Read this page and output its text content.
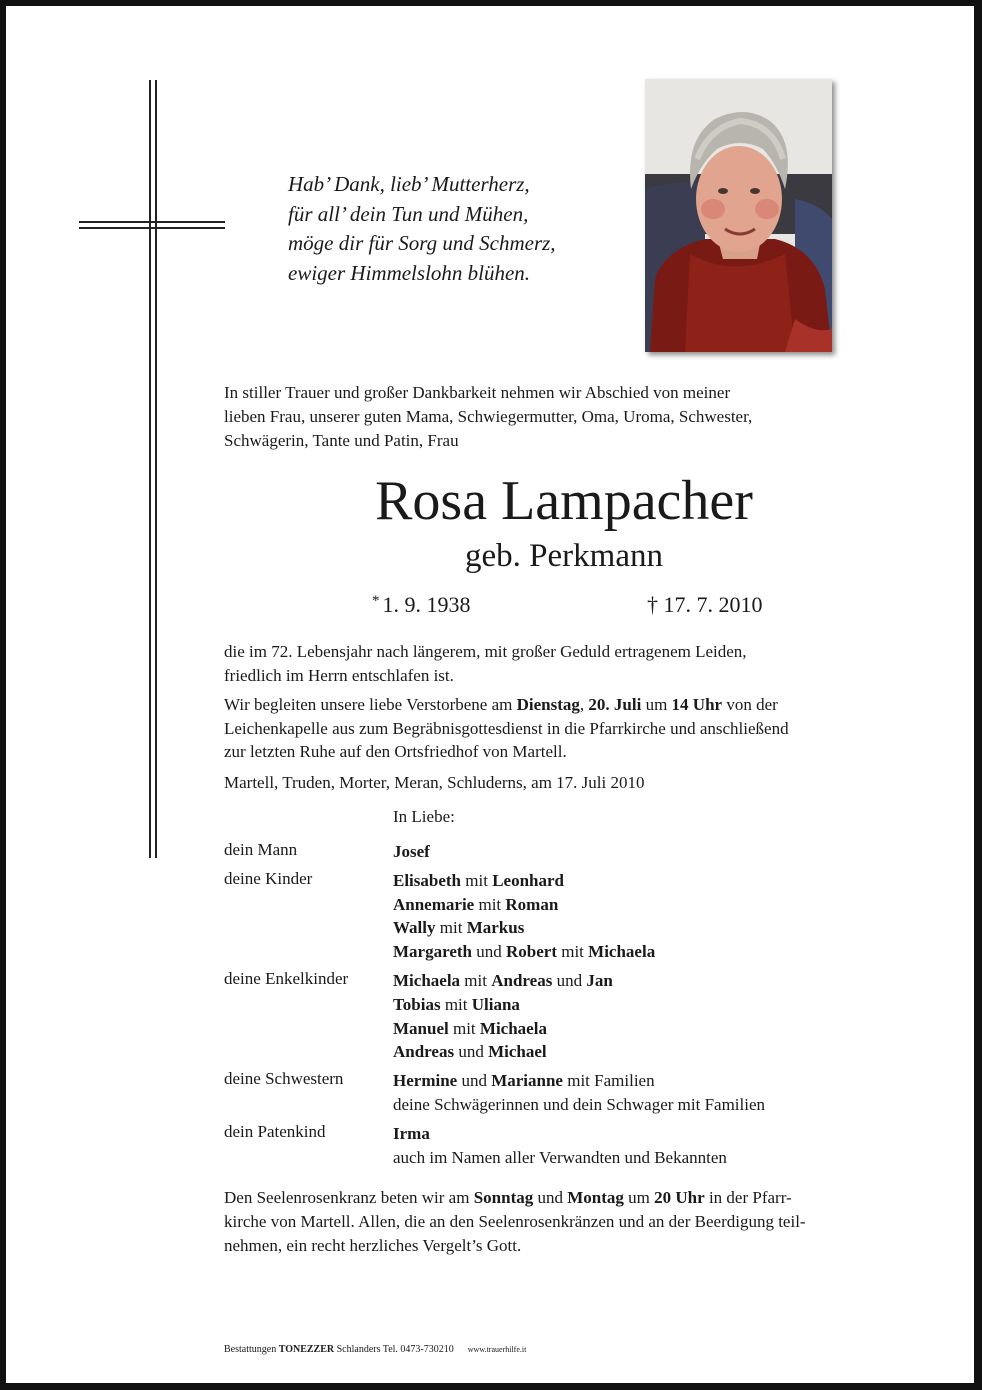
Hab’ Dank, lieb’ Mutterherz,
für all’ dein Tun und Mühen,
möge dir für Sorg und Schmerz,
ewiger Himmelslohn blühen.
In stiller Trauer und großer Dankbarkeit nehmen wir Abschied von meiner
lieben Frau, unserer guten Mama, Schwiegermutter, Oma, Uroma, Schwester,
Schwägerin, Tante und Patin, Frau
Rosa Lampacher
geb. Perkmann
* 1. 9. 1938	† 17. 7. 2010
die im 72. Lebensjahr nach längerem, mit großer Geduld ertragenem Leiden,
friedlich im Herrn entschlafen ist.
Wir begleiten unsere liebe Verstorbene am Dienstag, 20. Juli um 14 Uhr von der
Leichenkapelle aus zum Begräbnisgottesdienst in die Pfarrkirche und anschließend
zur letzten Ruhe auf den Ortsfriedhof von Martell.
Martell, Truden, Morter, Meran, Schluderns, am 17. Juli 2010
In Liebe:
dein Mann	Josef
deine Kinder	Elisabeth mit Leonhard
Annemarie mit Roman
Wally mit Markus
Margareth und Robert mit Michaela
deine Enkelkinder	Michaela mit Andreas und Jan
Tobias mit Uliana
Manuel mit Michaela
Andreas und Michael
deine Schwestern	Hermine und Marianne mit Familien
deine Schwägerinnen und dein Schwager mit Familien
dein Patenkind	Irma
auch im Namen aller Verwandten und Bekannten
Den Seelenrosenkranz beten wir am Sonntag und Montag um 20 Uhr in der Pfarr-
kirche von Martell. Allen, die an den Seelenrosenkränzen und an der Beerdigung teil-
nehmen, ein recht herzliches Vergelt’s Gott.
Bestattungen TONEZZER Schlanders Tel. 0473-730210 www.trauerhilfe.it
